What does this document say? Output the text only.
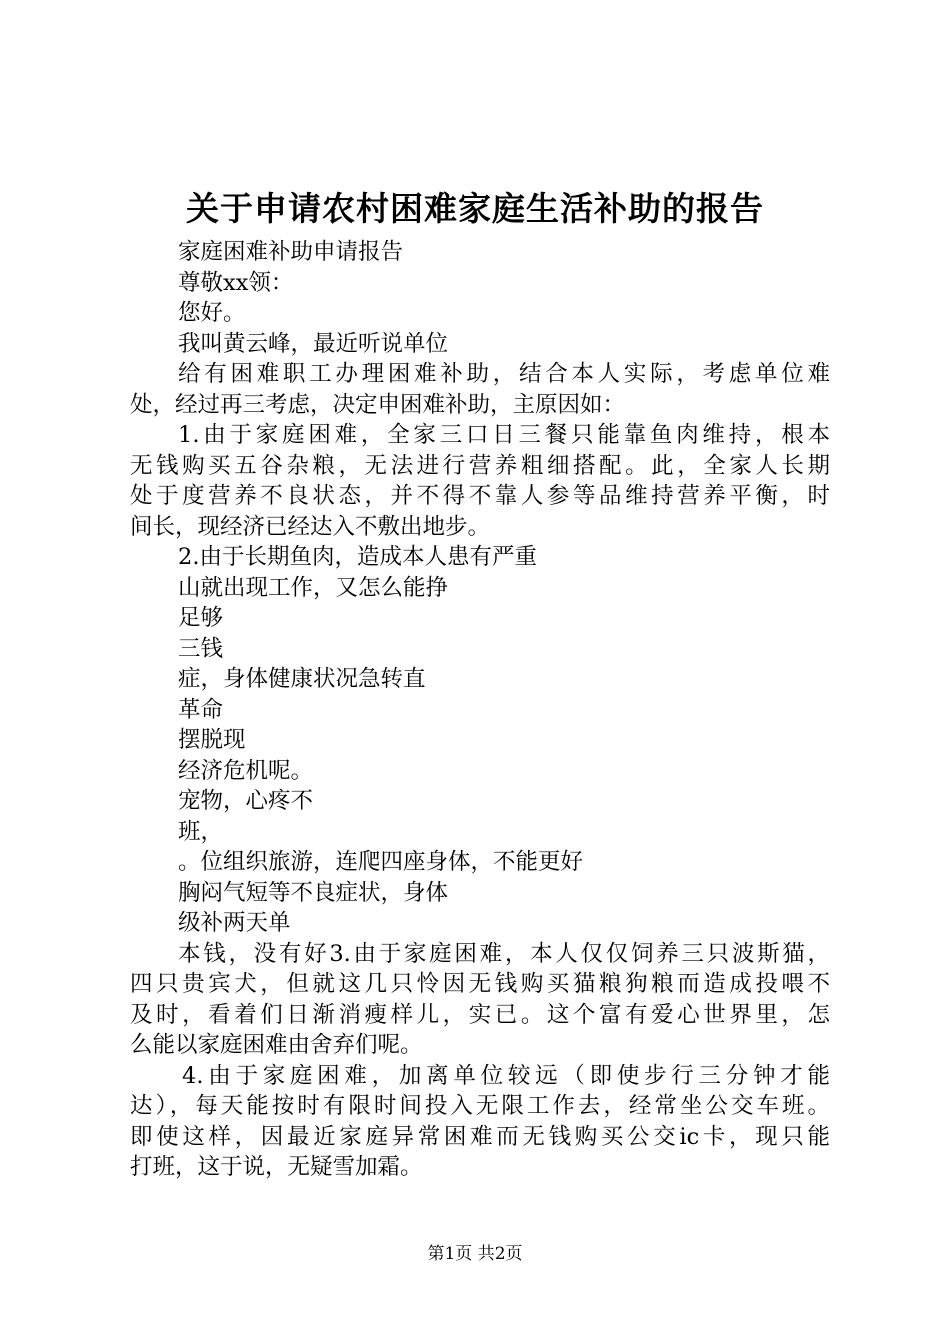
关于申请农村困难家庭生活补助的报告

家庭困难补助申请报告

尊敬xx领：

您好。

我叫黄云峰，最近听说单位

给有困难职工办理困难补助，结合本人实际，考虑单位难

处，经过再三考虑，决定申困难补助，主原因如：

1.由于家庭困难，全家三口日三餐只能靠鱼肉维持，根本

无钱购买五谷杂粮，无法进行营养粗细搭配。此，全家人长期

处于度营养不良状态，并不得不靠人参等品维持营养平衡，时

间长，现经济已经达入不敷出地步。

2.由于长期鱼肉，造成本人患有严重

山就出现工作，又怎么能挣

足够

三钱

症，身体健康状况急转直

革命

摆脱现

经济危机呢。

宠物，心疼不

班，

。位组织旅游，连爬四座身体，不能更好

胸闷气短等不良症状，身体

级补两天单

本钱，没有好3.由于家庭困难，本人仅仅饲养三只波斯猫，

四只贵宾犬，但就这几只怜因无钱购买猫粮狗粮而造成投喂不

及时，看着们日渐消瘦样儿，实已。这个富有爱心世界里，怎

么能以家庭困难由舍弃们呢。

4.由于家庭困难，加离单位较远（即使步行三分钟才能

达），每天能按时有限时间投入无限工作去，经常坐公交车班。

即使这样，因最近家庭异常困难而无钱购买公交ic卡，现只能

打班，这于说，无疑雪加霜。

第1页 共2页
